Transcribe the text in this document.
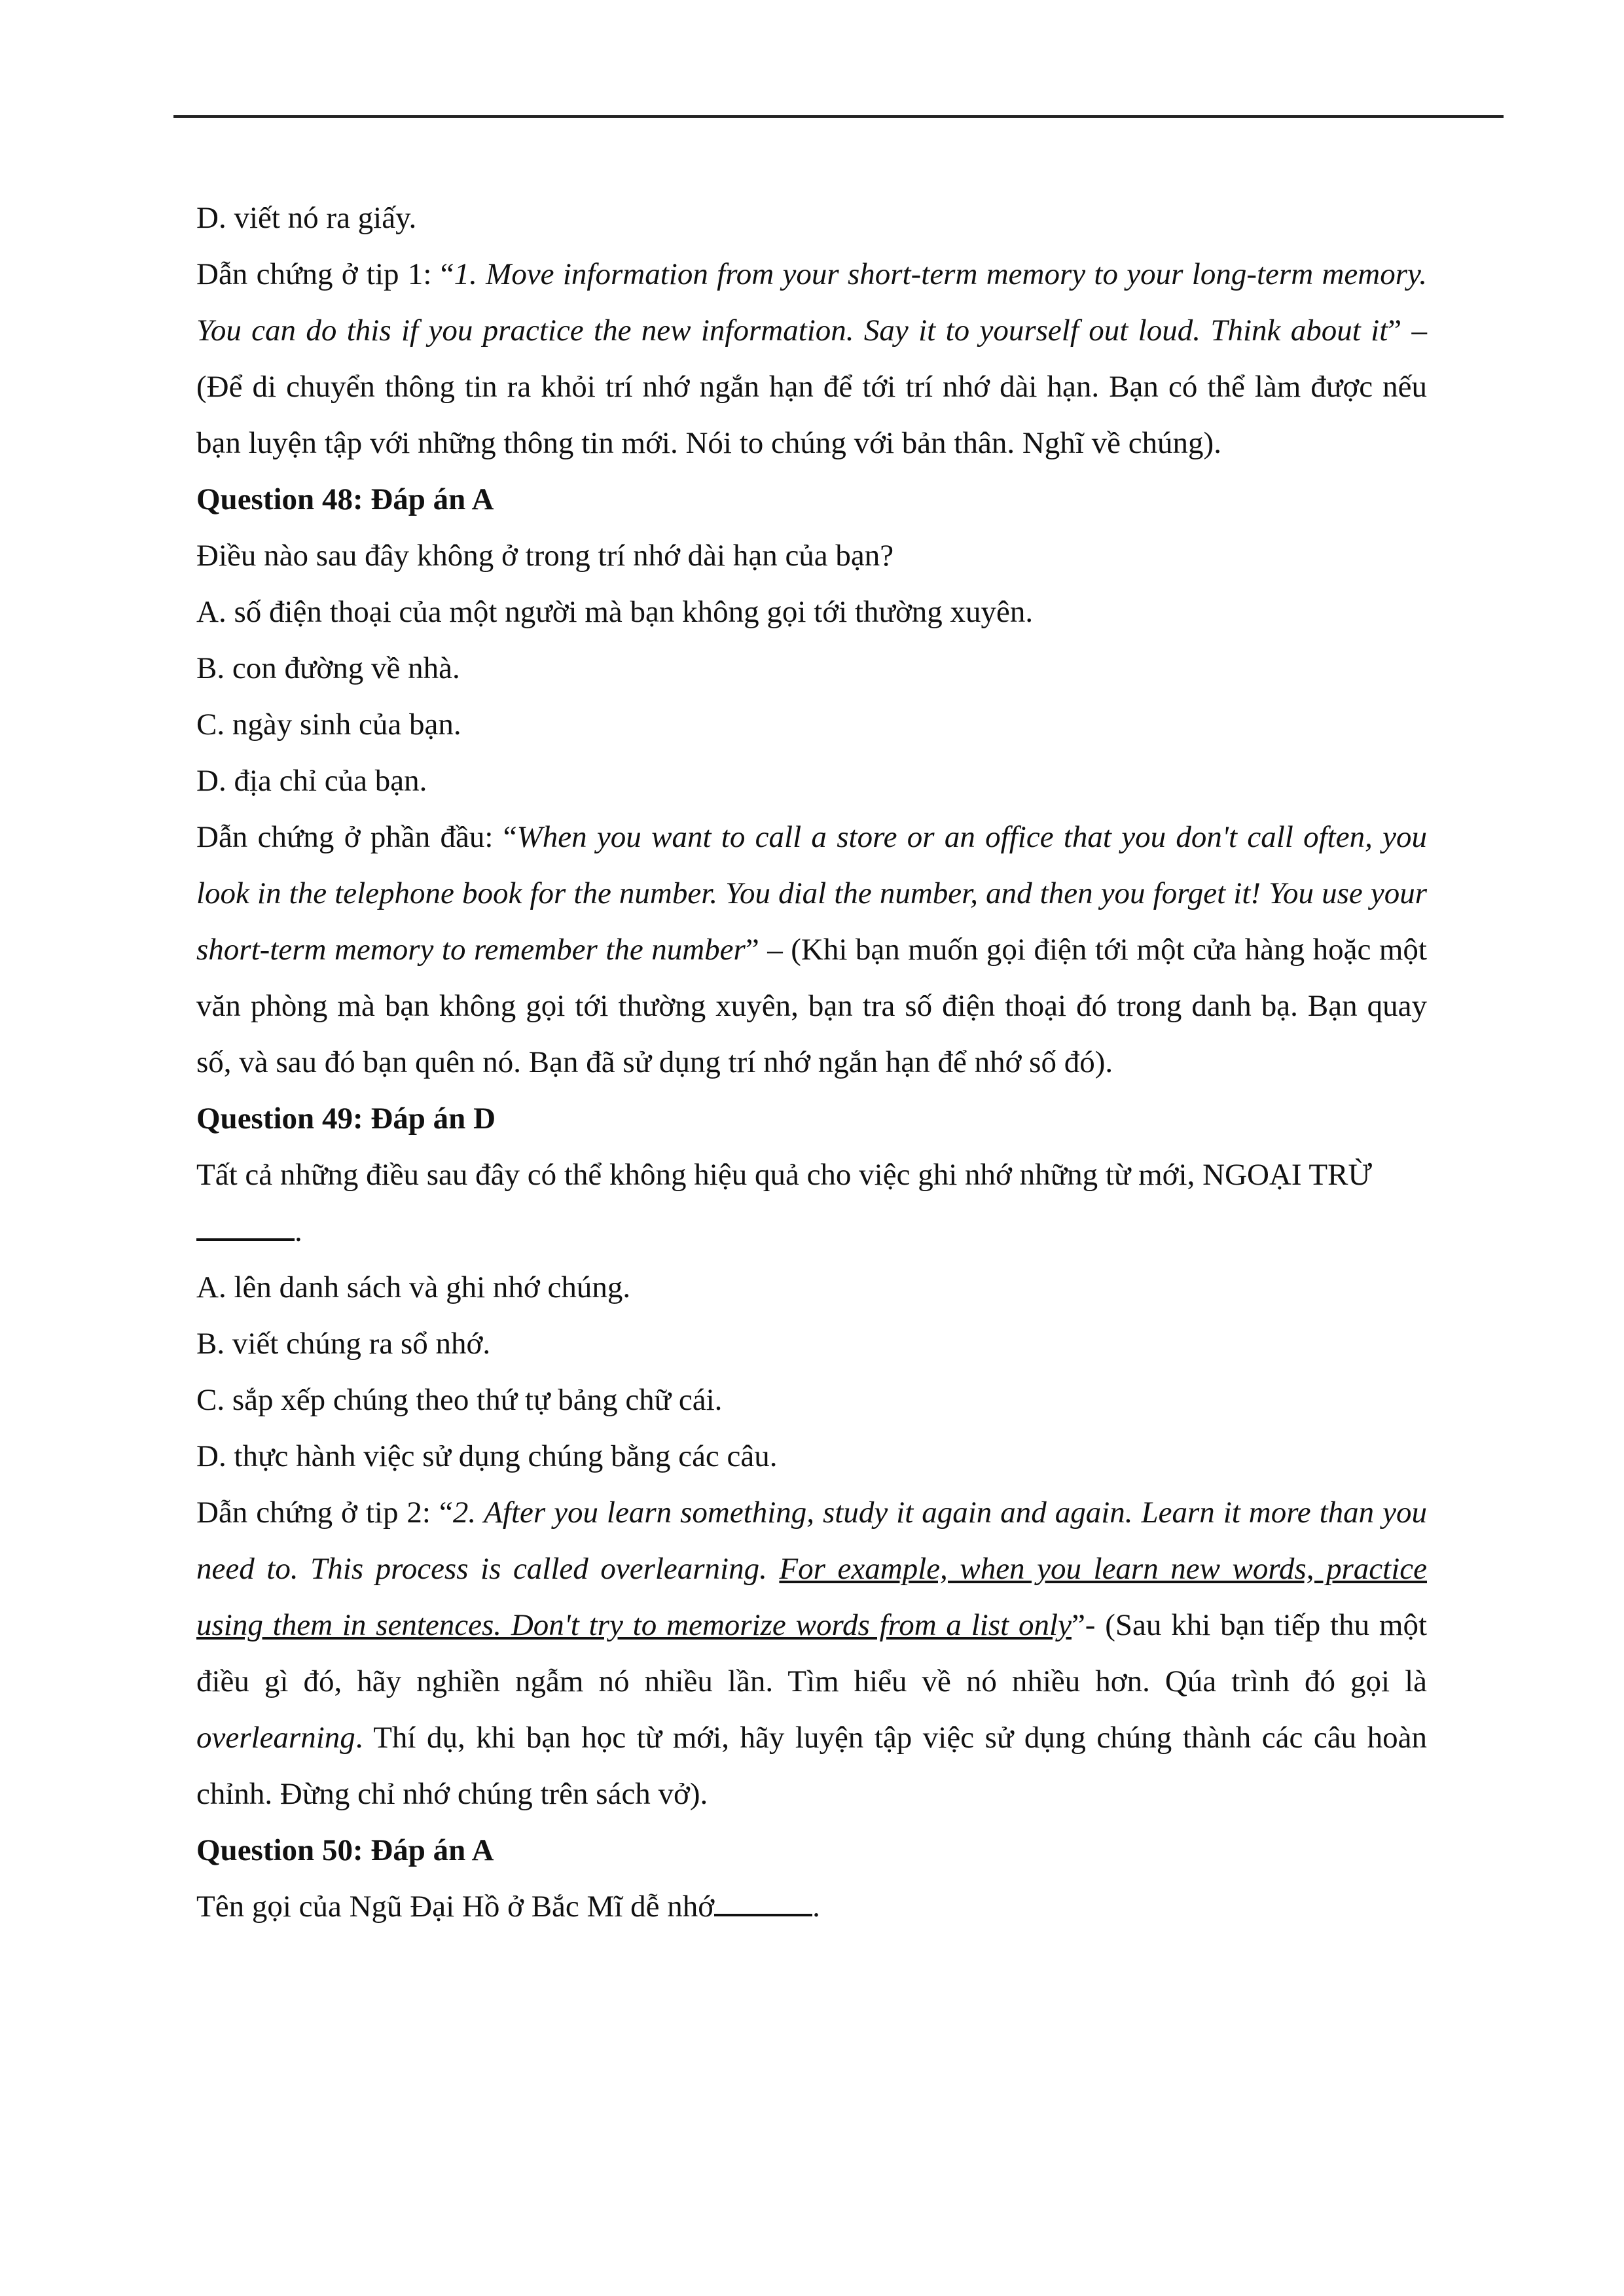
D. viết nó ra giấy.

Dẫn chứng ở tip 1: “1. Move information from your short-term memory to your long-term memory. You can do this if you practice the new information. Say it to yourself out loud. Think about it” – (Để di chuyển thông tin ra khỏi trí nhớ ngắn hạn để tới trí nhớ dài hạn. Bạn có thể làm được nếu bạn luyện tập với những thông tin mới. Nói to chúng với bản thân. Nghĩ về chúng).

Question 48: Đáp án A

Điều nào sau đây không ở trong trí nhớ dài hạn của bạn?

A. số điện thoại của một người mà bạn không gọi tới thường xuyên.

B. con đường về nhà.

C. ngày sinh của bạn.

D. địa chỉ của bạn.

Dẫn chứng ở phần đầu: “When you want to call a store or an office that you don't call often, you look in the telephone book for the number. You dial the number, and then you forget it! You use your short-term memory to remember the number” – (Khi bạn muốn gọi điện tới một cửa hàng hoặc một văn phòng mà bạn không gọi tới thường xuyên, bạn tra số điện thoại đó trong danh bạ. Bạn quay số, và sau đó bạn quên nó. Bạn đã sử dụng trí nhớ ngắn hạn để nhớ số đó).

Question 49: Đáp án D

Tất cả những điều sau đây có thể không hiệu quả cho việc ghi nhớ những từ mới, NGOẠI TRỪ.

A. lên danh sách và ghi nhớ chúng.

B. viết chúng ra sổ nhớ.

C. sắp xếp chúng theo thứ tự bảng chữ cái.

D. thực hành việc sử dụng chúng bằng các câu.

Dẫn chứng ở tip 2: “2. After you learn something, study it again and again. Learn it more than you need to. This process is called overlearning. For example, when you learn new words, practice using them in sentences. Don't try to memorize words from a list only”- (Sau khi bạn tiếp thu một điều gì đó, hãy nghiền ngẫm nó nhiều lần. Tìm hiểu về nó nhiều hơn. Qúa trình đó gọi là overlearning. Thí dụ, khi bạn học từ mới, hãy luyện tập việc sử dụng chúng thành các câu hoàn chỉnh. Đừng chỉ nhớ chúng trên sách vở).

Question 50: Đáp án A

Tên gọi của Ngũ Đại Hồ ở Bắc Mĩ dễ nhớ	.
